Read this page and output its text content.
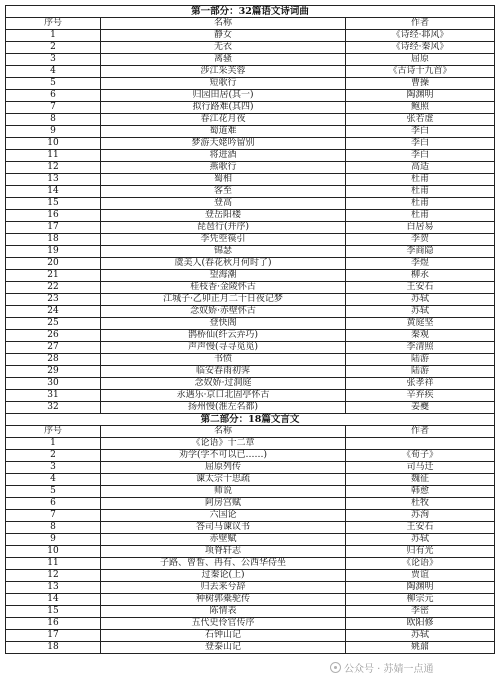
第一部分：32篇语文诗词曲		
序号	名称	作者
1	静女	《诗经·邶风》
2	无衣	《诗经·秦风》
3	离骚	屈原
4	涉江采芙蓉	《古诗十九首》
5	短歌行	曹操
6	归园田居(其一)	陶渊明
7	拟行路难(其四)	鲍照
8	春江花月夜	张若虚
9	蜀道难	李白
10	梦游天姥吟留别	李白
11	将进酒	李白
12	燕歌行	高适
13	蜀相	杜甫
14	客至	杜甫
15	登高	杜甫
16	登岳阳楼	杜甫
17	琵琶行(并序)	白居易
18	李凭箜篌引	李贺
19	锦瑟	李商隐
20	虞美人(春花秋月何时了)	李煜
21	望海潮	柳永
22	桂枝香·金陵怀古	王安石
23	江城子·乙卯正月二十日夜记梦	苏轼
24	念奴娇·赤壁怀古	苏轼
25	登快阁	黄庭坚
26	鹊桥仙(纤云弄巧)	秦观
27	声声慢(寻寻觅觅)	李清照
28	书愤	陆游
29	临安春雨初霁	陆游
30	念奴娇·过洞庭	张孝祥
31	永遇乐·京口北固亭怀古	辛弃疾
32	扬州慢(淮左名都)	姜夔
第二部分：18篇文言文		
序号	名称	作者
1	《论语》十二章	
2	劝学(学不可以已……)	《荀子》
3	屈原列传	司马迁
4	谏太宗十思疏	魏征
5	师说	韩愈
6	阿房宫赋	杜牧
7	六国论	苏洵
8	答司马谏议书	王安石
9	赤壁赋	苏轼
10	项脊轩志	归有光
11	子路、曾皙、冉有、公西华侍坐	《论语》
12	过秦论(上)	贾谊
13	归去来兮辞	陶渊明
14	种树郭橐驼传	柳宗元
15	陈情表	李密
16	五代史伶官传序	欧阳修
17	石钟山记	苏轼
18	登泰山记	姚鼐
公众号 · 苏婧一点通
